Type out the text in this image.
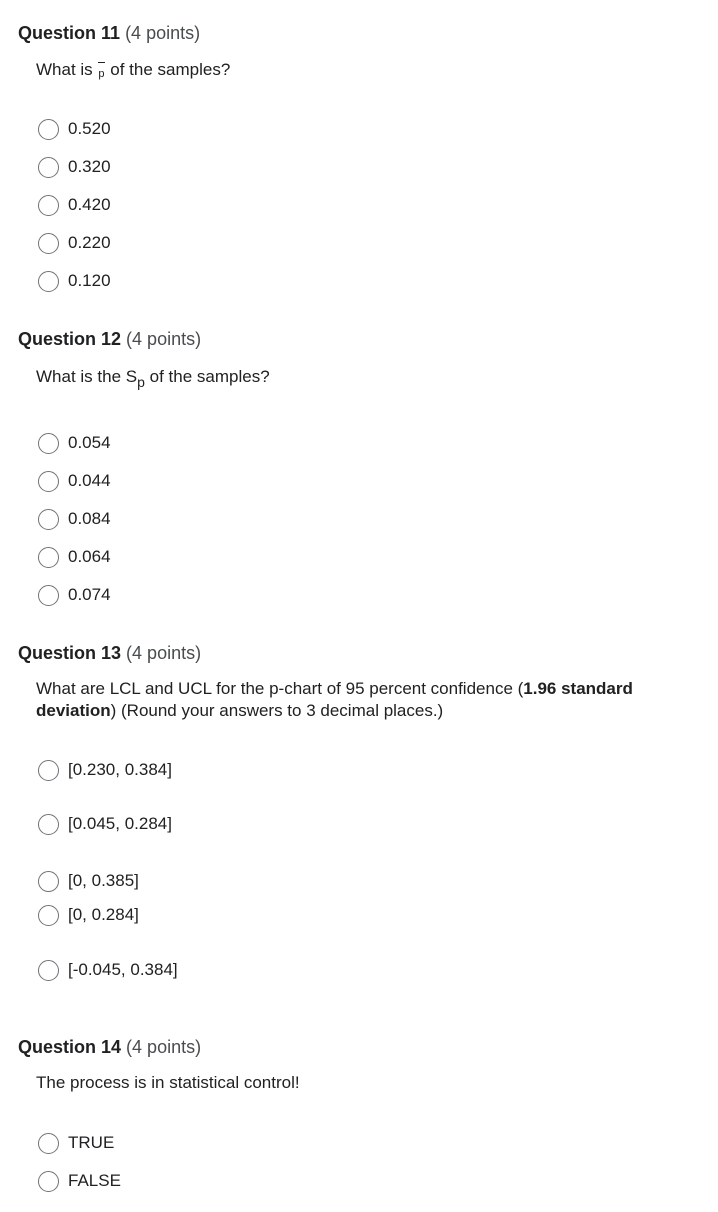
Question 11 (4 points)

What is p of the samples?

0.520
0.320
0.420
0.220
0.120
Question 12 (4 points)

What is the $S_p$ of the samples?

0.054
0.044
0.084
0.064
0.074
Question 13 (4 points)

What are LCL and UCL for the p-chart of 95 percent confidence (1.96 standard deviation) (Round your answers to 3 decimal places.)

[0.230, 0.384]
[0.045, 0.284]
[0, 0.385]
[0, 0.284]
[-0.045, 0.384]
Question 14 (4 points)

The process is in statistical control!

TRUE
FALSE
